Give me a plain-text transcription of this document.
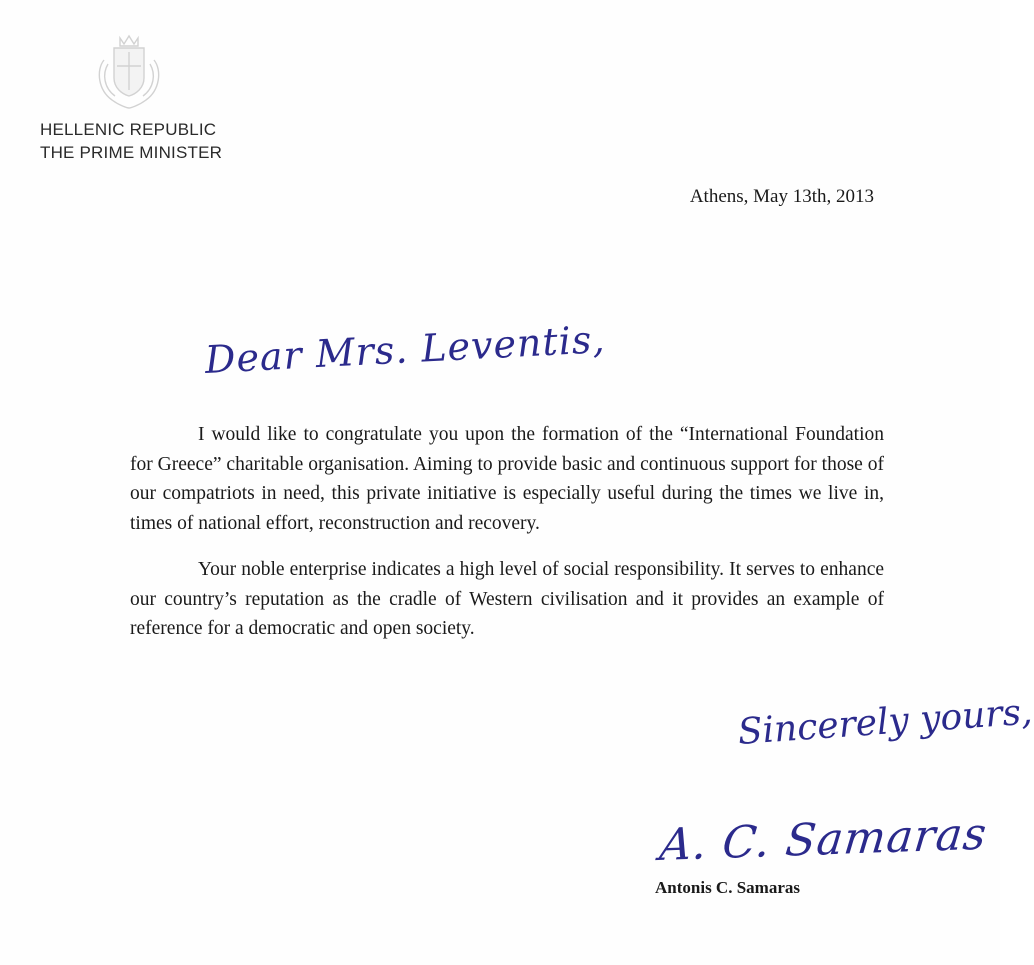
HELLENIC REPUBLIC
THE PRIME MINISTER
Athens, May 13th, 2013
Dear Mrs. Leventis,

I would like to congratulate you upon the formation of the “International Foundation for Greece” charitable organisation. Aiming to provide basic and continuous support for those of our compatriots in need, this private initiative is especially useful during the times we live in, times of national effort, reconstruction and recovery.

Your noble enterprise indicates a high level of social responsibility. It serves to enhance our country’s reputation as the cradle of Western civilisation and it provides an example of reference for a democratic and open society.

Sincerely yours,
A. C. Samaras
Antonis C. Samaras
